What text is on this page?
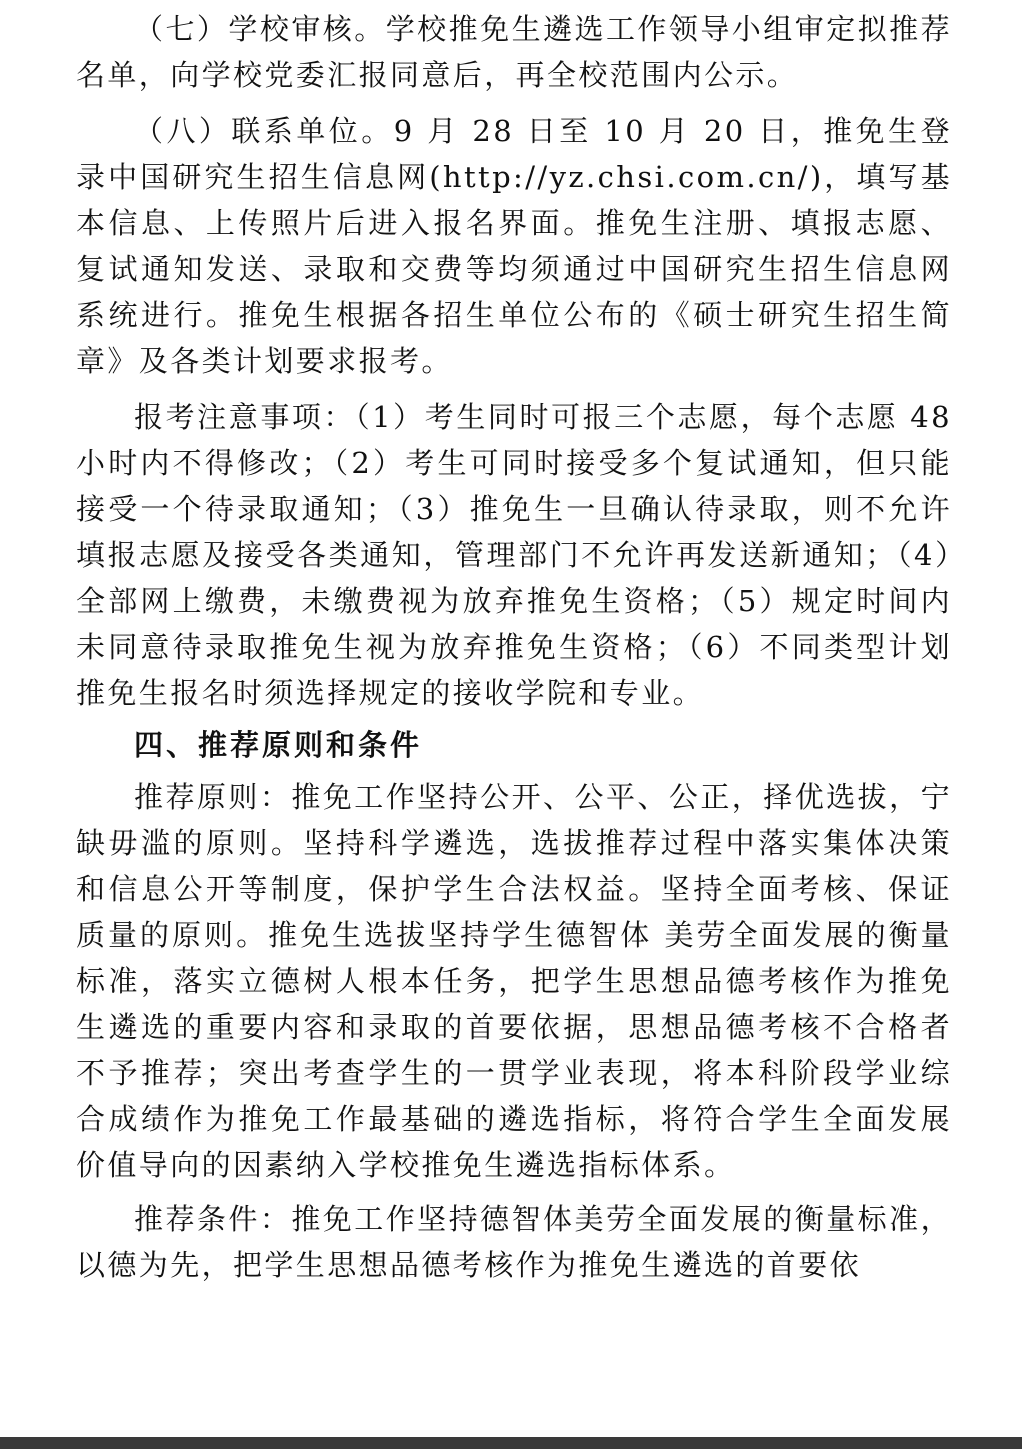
（七）学校审核。学校推免生遴选工作领导小组审定拟推荐名单，向学校党委汇报同意后，再全校范围内公示。

（八）联系单位。9 月 28 日至 10 月 20 日，推免生登录中国研究生招生信息网(http://yz.chsi.com.cn/)，填写基本信息、上传照片后进入报名界面。推免生注册、填报志愿、复试通知发送、录取和交费等均须通过中国研究生招生信息网系统进行。推免生根据各招生单位公布的《硕士研究生招生简章》及各类计划要求报考。

报考注意事项：（1）考生同时可报三个志愿，每个志愿 48 小时内不得修改；（2）考生可同时接受多个复试通知，但只能接受一个待录取通知；（3）推免生一旦确认待录取，则不允许填报志愿及接受各类通知，管理部门不允许再发送新通知；（4）全部网上缴费，未缴费视为放弃推免生资格；（5）规定时间内未同意待录取推免生视为放弃推免生资格；（6）不同类型计划推免生报名时须选择规定的接收学院和专业。

四、推荐原则和条件

推荐原则：推免工作坚持公开、公平、公正，择优选拔，宁缺毋滥的原则。坚持科学遴选，选拔推荐过程中落实集体决策和信息公开等制度，保护学生合法权益。坚持全面考核、保证质量的原则。推免生选拔坚持学生德智体 美劳全面发展的衡量标准，落实立德树人根本任务，把学生思想品德考核作为推免生遴选的重要内容和录取的首要依据，思想品德考核不合格者不予推荐；突出考查学生的一贯学业表现，将本科阶段学业综合成绩作为推免工作最基础的遴选指标，将符合学生全面发展价值导向的因素纳入学校推免生遴选指标体系。

推荐条件：推免工作坚持德智体美劳全面发展的衡量标准，以德为先，把学生思想品德考核作为推免生遴选的首要依
